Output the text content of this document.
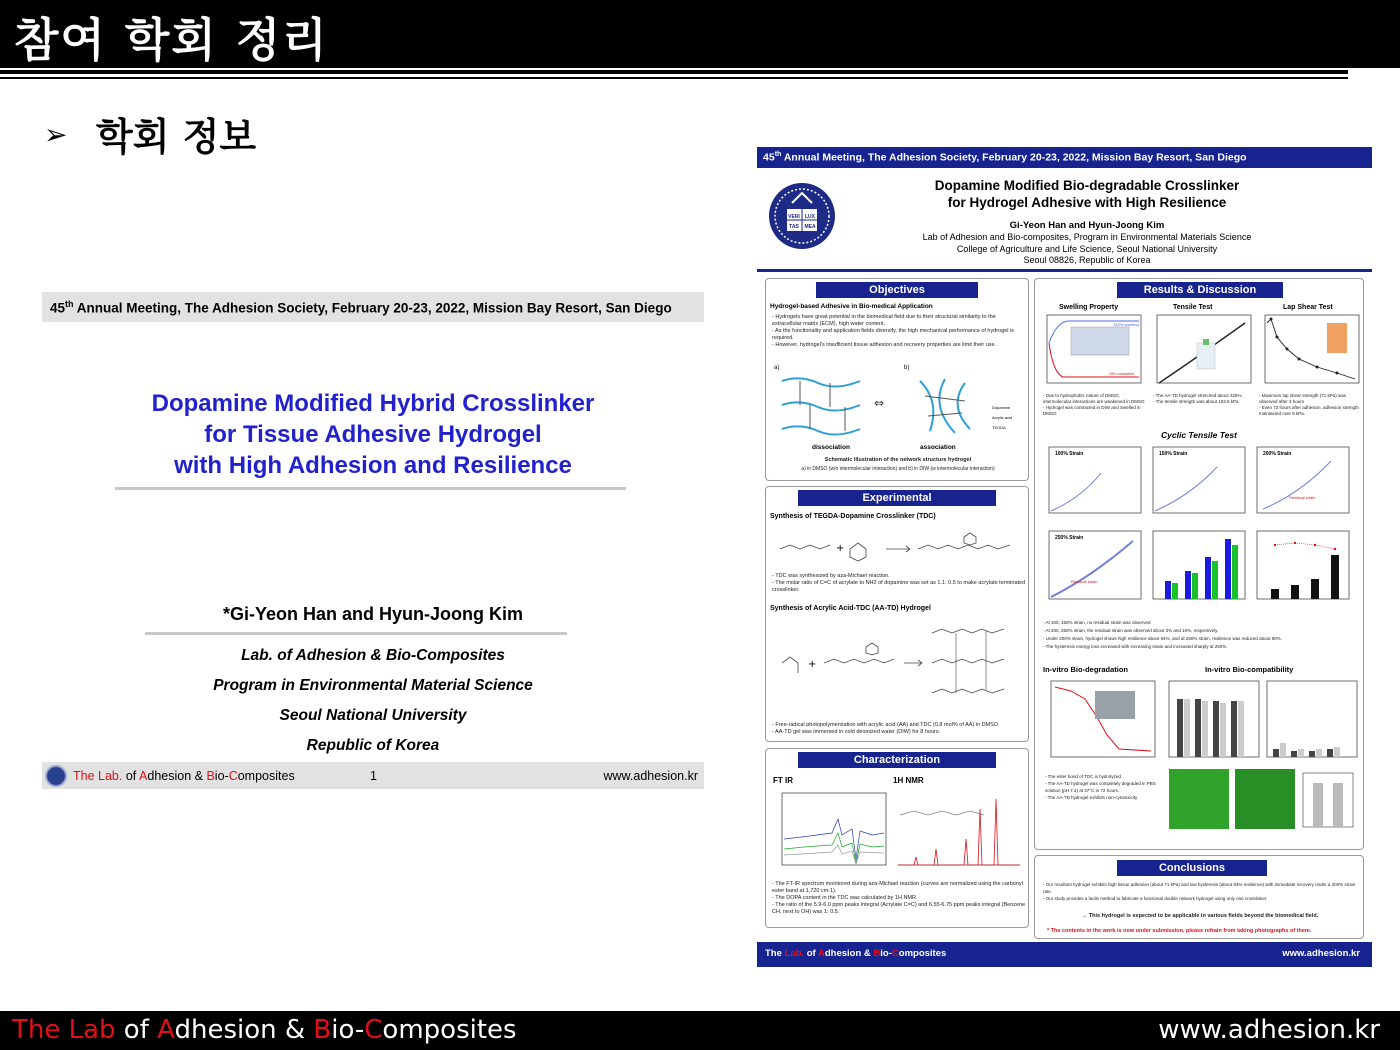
참여 학회 정리
➢ 학회 정보
45th Annual Meeting, The Adhesion Society, February 20-23, 2022, Mission Bay Resort, San Diego
Dopamine Modified Hybrid Crosslinker
for Tissue Adhesive Hydrogel
with High Adhesion and Resilience
*Gi-Yeon Han and Hyun-Joong Kim
Lab. of Adhesion & Bio-Composites
Program in Environmental Material Science
Seoul National University
Republic of Korea
The Lab. of Adhesion & Bio-Composites	1	www.adhesion.kr
45th Annual Meeting, The Adhesion Society, February 20-23, 2022, Mission Bay Resort, San Diego
VERI LUX
TAS MEA
Dopamine Modified Bio-degradable Crosslinker
for Hydrogel Adhesive with High Resilience
Gi-Yeon Han and Hyun-Joong Kim
Lab of Adhesion and Bio-composites, Program in Environmental Materials Science
College of Agriculture and Life Science, Seoul National University
Seoul 08826, Republic of Korea
Objectives
Hydrogel-based Adhesive in Bio-medical Application
- Hydrogels have great potential in the biomedical field due to their structural similarity to the extracellular matrix (ECM), high water content.
- As the functionality and application fields diversify, the high mechanical performance of hydrogel is required.
- However, hydrogel's insufficient tissue adhesion and recovery properties are limit their use.
a)	b)
⇔
dissociation	association
Dopamine
Acrylic acid
TEGDA
Schematic illustration of the network structure hydrogel
a) in DMSO (w/o intermolecular interaction) and b) in DIW (w intermolecular interaction)
Experimental
Synthesis of TEGDA-Dopamine Crosslinker (TDC)
+
- TDC was synthesized by aza-Michael reaction.
- The molar ratio of C=C of acrylate to NH2 of dopamine was set as 1.1: 0.5 to make acrylate terminated crosslinker.
Synthesis of Acrylic Acid-TDC (AA-TD) Hydrogel
+
- Free-radical photopolymerization with acrylic acid (AA) and TDC (0.8 mol% of AA) in DMSO.
- AA-TD gel was immersed in cold deionized water (DIW) for 8 hours.
Characterization
FT IR	1H NMR
- The FT-IR spectrum monitored during aza-Michael reaction (curves are normalized using the carbonyl ester band at 1,720 cm-1).
- The DOPA content in the TDC was calculated by 1H NMR.
- The ratio of the 5.9-6.0 ppm peaks integral (Acrylate C=C) and 6.55-6.75 ppm peaks integral (Benzene CH, next to OH) was 1: 0.5.
Results & Discussion
Swelling Property	Tensile Test	Lap Shear Test
132% swelling
15% contraction
- Due to hydrophobic nature of DMSO, intermolecular interactions are weakened in DMSO
- Hydrogel was contracted in DIW and Swelled in DMSO
- The AA-TD hydrogel stretched about 325%.
- The tensile strength was about 103.5 kPa.
- Maximum lap shear strength (71 kPa) was observed after 3 hours
- Even 72 hours after adhesion, adhesion strength maintained over 5 kPa.
Cyclic Tensile Test
100% Strain	150% Strain	200% Strain
Residual strain
250% Strain
Residual strain
- At 100, 150% strain, no residual strain was observed
- At 200, 250% strain, the residual strain was observed about 3% and 10%, respectively.
- Under 200% strain, hydrogel shows high resilience about 94%, and at 250% strain, resilience was reduced about 90%.
- The hysteresis energy loss increased with increasing strain and increased sharply at 250%.
In-vitro Bio-degradation	In-vitro Bio-compatibility
- The ester bond of TDC is hydrolyzed.
- The AA-TD hydrogel was completely degraded in PBS solution (pH 7.4) at 37°C in 72 hours.
- The AA-TD hydrogel exhibits non-cytotoxicity
Conclusions
- Our resultant hydrogel exhibits high tissue adhesion (about 71 kPa) and low hysteresis (about 94% resilience) with immediate recovery under a 200% strain rate.
- Our study provides a facile method to fabricate a functional double network hydrogel using only one crosslinker.
→ This hydrogel is expected to be applicable in various fields beyond the biomedical field.
* The contents in the work is now under submission, please refrain from taking photographs of them.
The Lab. of Adhesion & Bio-Composites	www.adhesion.kr
The Lab of Adhesion & Bio-Composites	www.adhesion.kr
